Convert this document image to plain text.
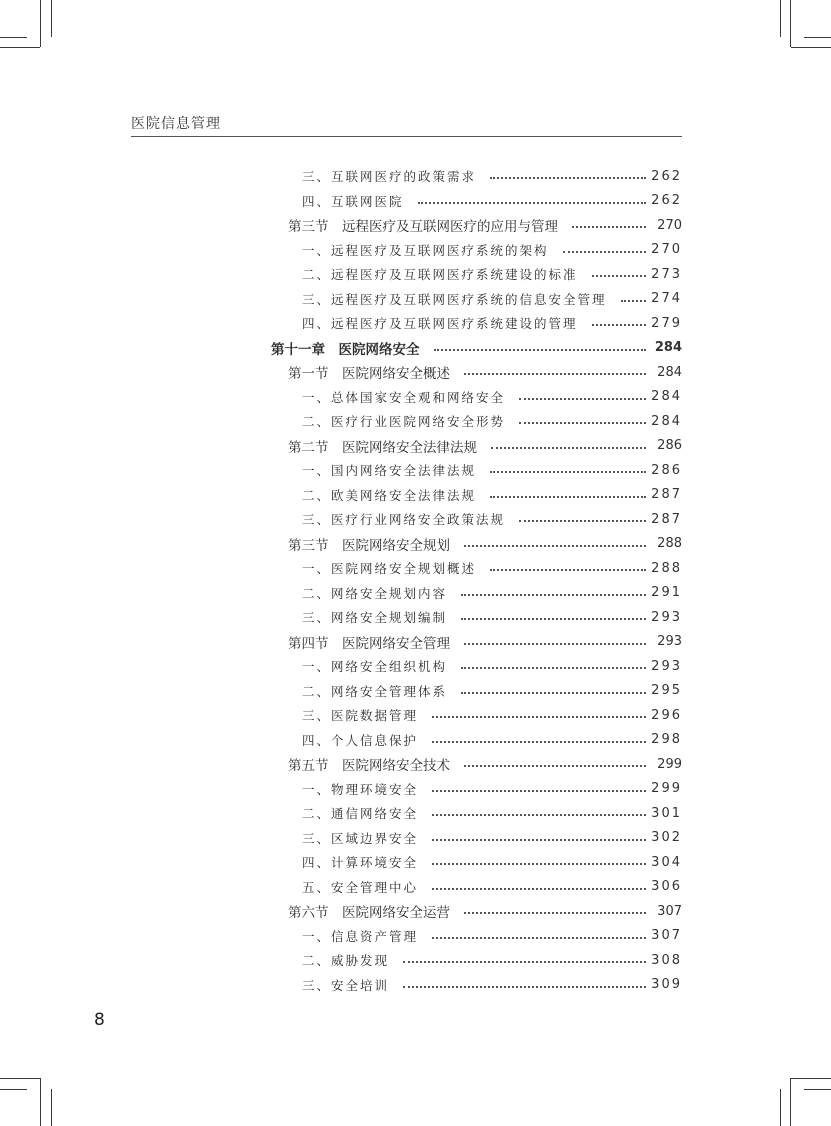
医院信息管理
三、互联网医疗的政策需求	262
四、互联网医院	262
第三节　远程医疗及互联网医疗的应用与管理	270
一、远程医疗及互联网医疗系统的架构	270
二、远程医疗及互联网医疗系统建设的标准	273
三、远程医疗及互联网医疗系统的信息安全管理	274
四、远程医疗及互联网医疗系统建设的管理	279
第十一章　医院网络安全	284
第一节　医院网络安全概述	284
一、总体国家安全观和网络安全	284
二、医疗行业医院网络安全形势	284
第二节　医院网络安全法律法规	286
一、国内网络安全法律法规	286
二、欧美网络安全法律法规	287
三、医疗行业网络安全政策法规	287
第三节　医院网络安全规划	288
一、医院网络安全规划概述	288
二、网络安全规划内容	291
三、网络安全规划编制	293
第四节　医院网络安全管理	293
一、网络安全组织机构	293
二、网络安全管理体系	295
三、医院数据管理	296
四、个人信息保护	298
第五节　医院网络安全技术	299
一、物理环境安全	299
二、通信网络安全	301
三、区域边界安全	302
四、计算环境安全	304
五、安全管理中心	306
第六节　医院网络安全运营	307
一、信息资产管理	307
二、威胁发现	308
三、安全培训	309
8
